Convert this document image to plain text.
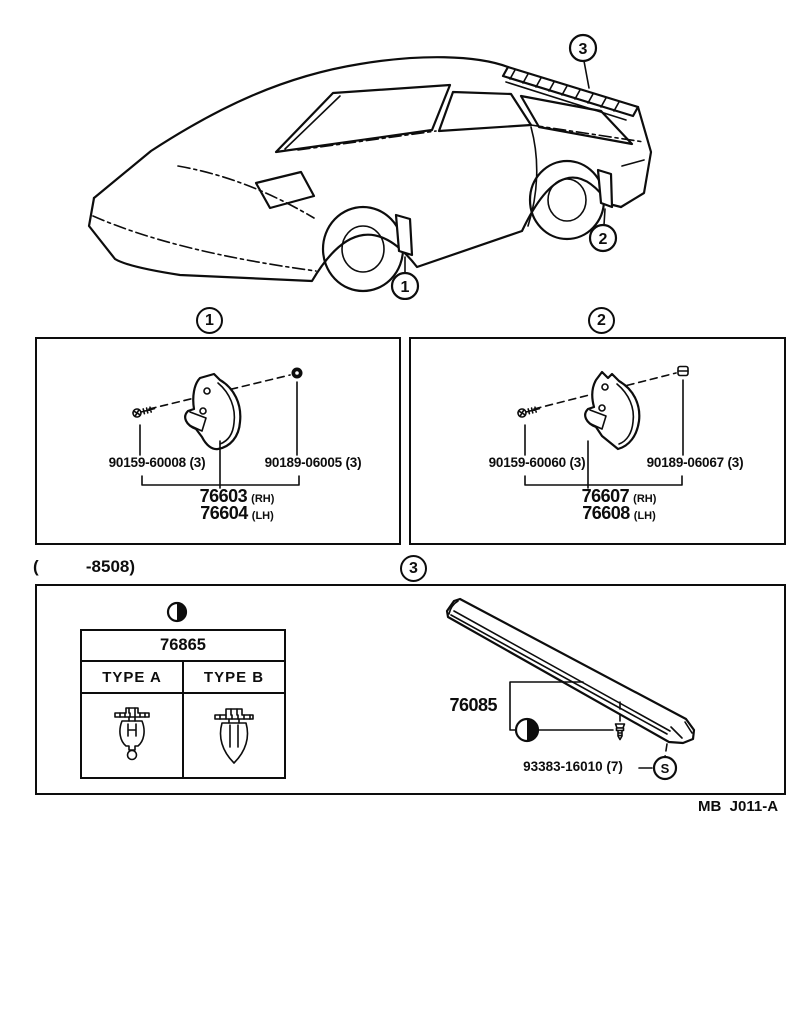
1
2
3
1
90159-60008 (3)	90189-06005 (3)
76603 (RH)
76604 (LH)
2
90159-60060 (3)	90189-06067 (3)
76607 (RH)
76608 (LH)
(          -8508)	3
S
76865
TYPE A	TYPE B
76085
93383-16010 (7)
MB  J011-A
